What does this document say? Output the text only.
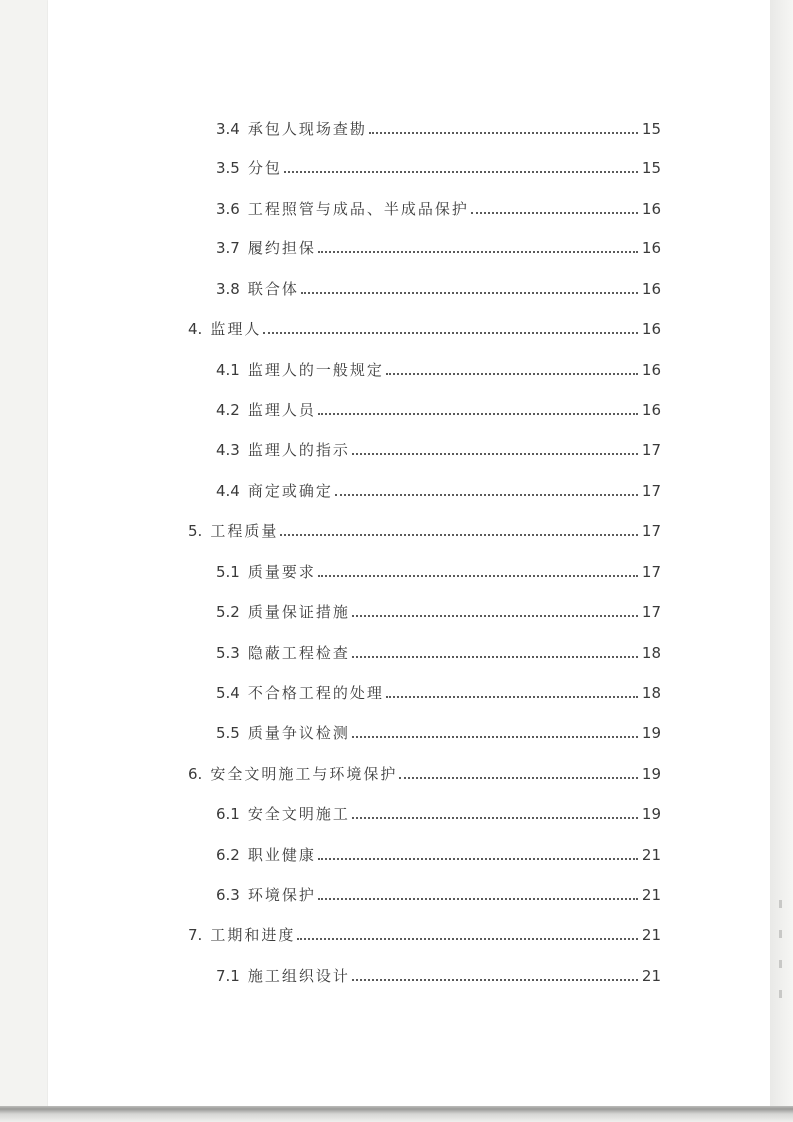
3.4 承包人现场查勘	15
3.5 分包	15
3.6 工程照管与成品、半成品保护	16
3.7 履约担保	16
3.8 联合体	16
4. 监理人	16
4.1 监理人的一般规定	16
4.2 监理人员	16
4.3 监理人的指示	17
4.4 商定或确定	17
5. 工程质量	17
5.1 质量要求	17
5.2 质量保证措施	17
5.3 隐蔽工程检查	18
5.4 不合格工程的处理	18
5.5 质量争议检测	19
6. 安全文明施工与环境保护	19
6.1 安全文明施工	19
6.2 职业健康	21
6.3 环境保护	21
7. 工期和进度	21
7.1 施工组织设计	21
